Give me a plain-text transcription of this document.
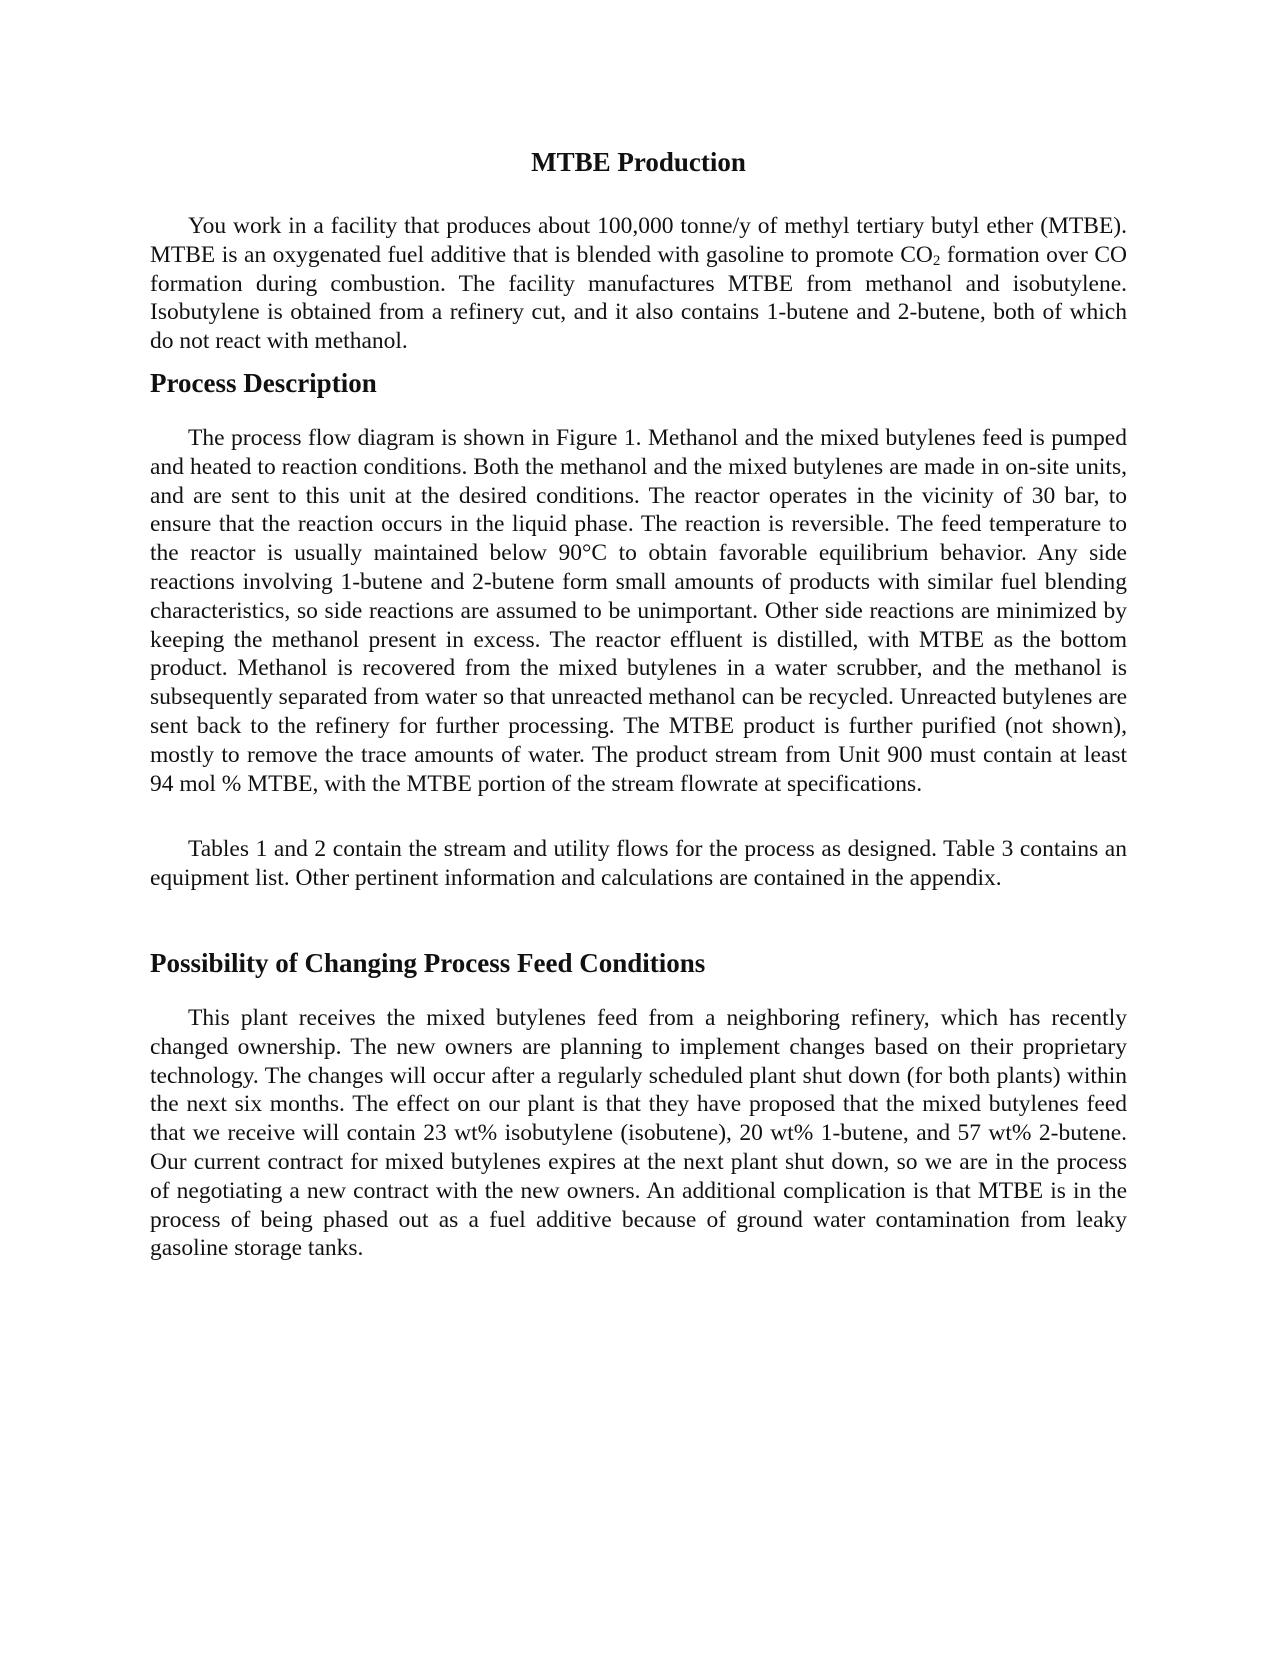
MTBE Production

You work in a facility that produces about 100,000 tonne/y of methyl tertiary butyl ether (MTBE). MTBE is an oxygenated fuel additive that is blended with gasoline to promote $CO_2$ formation over CO formation during combustion. The facility manufactures MTBE from methanol and isobutylene. Isobutylene is obtained from a refinery cut, and it also contains 1-butene and 2-butene, both of which do not react with methanol.

Process Description

The process flow diagram is shown in Figure 1. Methanol and the mixed butylenes feed is pumped and heated to reaction conditions. Both the methanol and the mixed butylenes are made in on-site units, and are sent to this unit at the desired conditions. The reactor operates in the vicinity of 30 bar, to ensure that the reaction occurs in the liquid phase. The reaction is reversible. The feed temperature to the reactor is usually maintained below 90°C to obtain favorable equilibrium behavior. Any side reactions involving 1-butene and 2-butene form small amounts of products with similar fuel blending characteristics, so side reactions are assumed to be unimportant. Other side reactions are minimized by keeping the methanol present in excess. The reactor effluent is distilled, with MTBE as the bottom product. Methanol is recovered from the mixed butylenes in a water scrubber, and the methanol is subsequently separated from water so that unreacted methanol can be recycled. Unreacted butylenes are sent back to the refinery for further processing. The MTBE product is further purified (not shown), mostly to remove the trace amounts of water. The product stream from Unit 900 must contain at least 94 mol % MTBE, with the MTBE portion of the stream flowrate at specifications.

Tables 1 and 2 contain the stream and utility flows for the process as designed. Table 3 contains an equipment list. Other pertinent information and calculations are contained in the appendix.

Possibility of Changing Process Feed Conditions

This plant receives the mixed butylenes feed from a neighboring refinery, which has recently changed ownership. The new owners are planning to implement changes based on their proprietary technology. The changes will occur after a regularly scheduled plant shut down (for both plants) within the next six months. The effect on our plant is that they have proposed that the mixed butylenes feed that we receive will contain 23 wt% isobutylene (isobutene), 20 wt% 1-butene, and 57 wt% 2-butene. Our current contract for mixed butylenes expires at the next plant shut down, so we are in the process of negotiating a new contract with the new owners. An additional complication is that MTBE is in the process of being phased out as a fuel additive because of ground water contamination from leaky gasoline storage tanks.
